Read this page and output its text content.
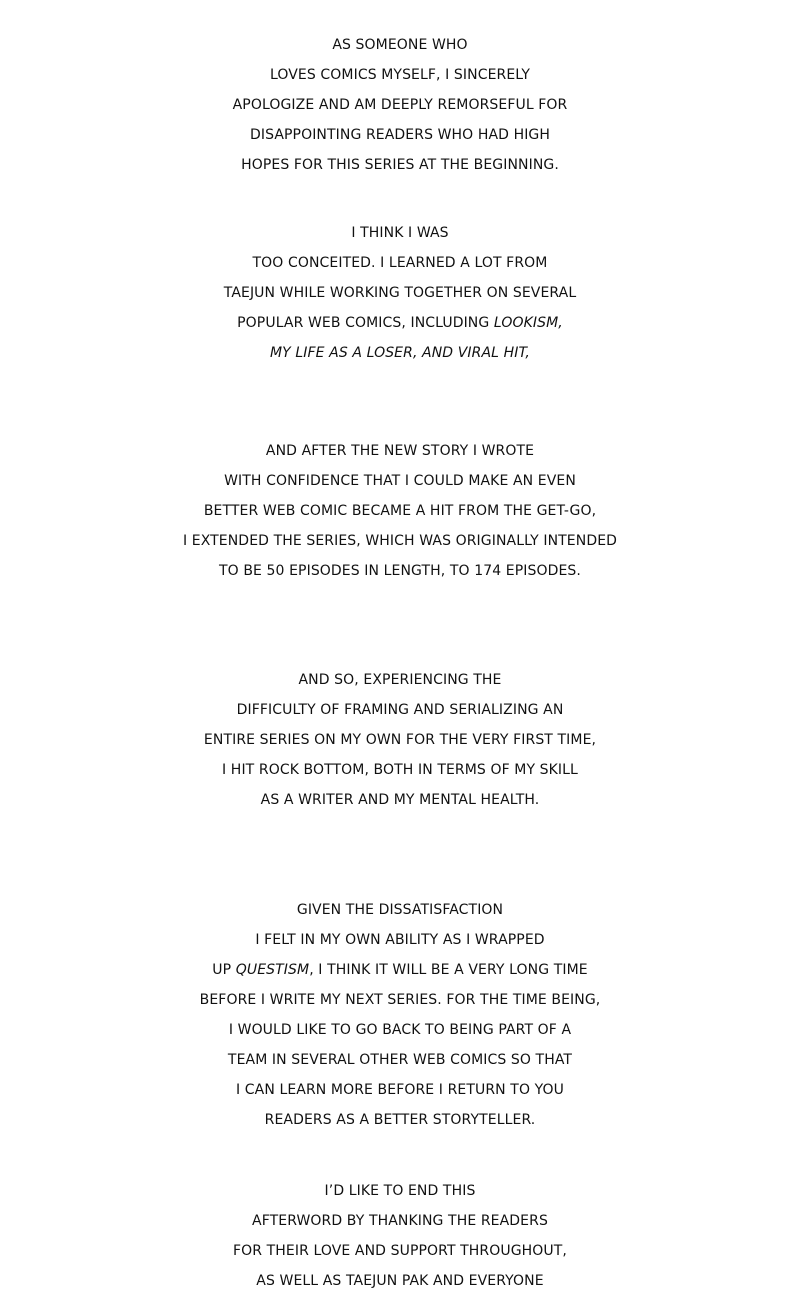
AS SOMEONE WHO
LOVES COMICS MYSELF, I SINCERELY
APOLOGIZE AND AM DEEPLY REMORSEFUL FOR
DISAPPOINTING READERS WHO HAD HIGH
HOPES FOR THIS SERIES AT THE BEGINNING.
I THINK I WAS
TOO CONCEITED. I LEARNED A LOT FROM
TAEJUN WHILE WORKING TOGETHER ON SEVERAL
POPULAR WEB COMICS, INCLUDING LOOKISM,
MY LIFE AS A LOSER, AND VIRAL HIT,
AND AFTER THE NEW STORY I WROTE
WITH CONFIDENCE THAT I COULD MAKE AN EVEN
BETTER WEB COMIC BECAME A HIT FROM THE GET-GO,
I EXTENDED THE SERIES, WHICH WAS ORIGINALLY INTENDED
TO BE 50 EPISODES IN LENGTH, TO 174 EPISODES.
AND SO, EXPERIENCING THE
DIFFICULTY OF FRAMING AND SERIALIZING AN
ENTIRE SERIES ON MY OWN FOR THE VERY FIRST TIME,
I HIT ROCK BOTTOM, BOTH IN TERMS OF MY SKILL
AS A WRITER AND MY MENTAL HEALTH.
GIVEN THE DISSATISFACTION
I FELT IN MY OWN ABILITY AS I WRAPPED
UP QUESTISM, I THINK IT WILL BE A VERY LONG TIME
BEFORE I WRITE MY NEXT SERIES. FOR THE TIME BEING,
I WOULD LIKE TO GO BACK TO BEING PART OF A
TEAM IN SEVERAL OTHER WEB COMICS SO THAT
I CAN LEARN MORE BEFORE I RETURN TO YOU
READERS AS A BETTER STORYTELLER.
I’D LIKE TO END THIS
AFTERWORD BY THANKING THE READERS
FOR THEIR LOVE AND SUPPORT THROUGHOUT,
AS WELL AS TAEJUN PAK AND EVERYONE
